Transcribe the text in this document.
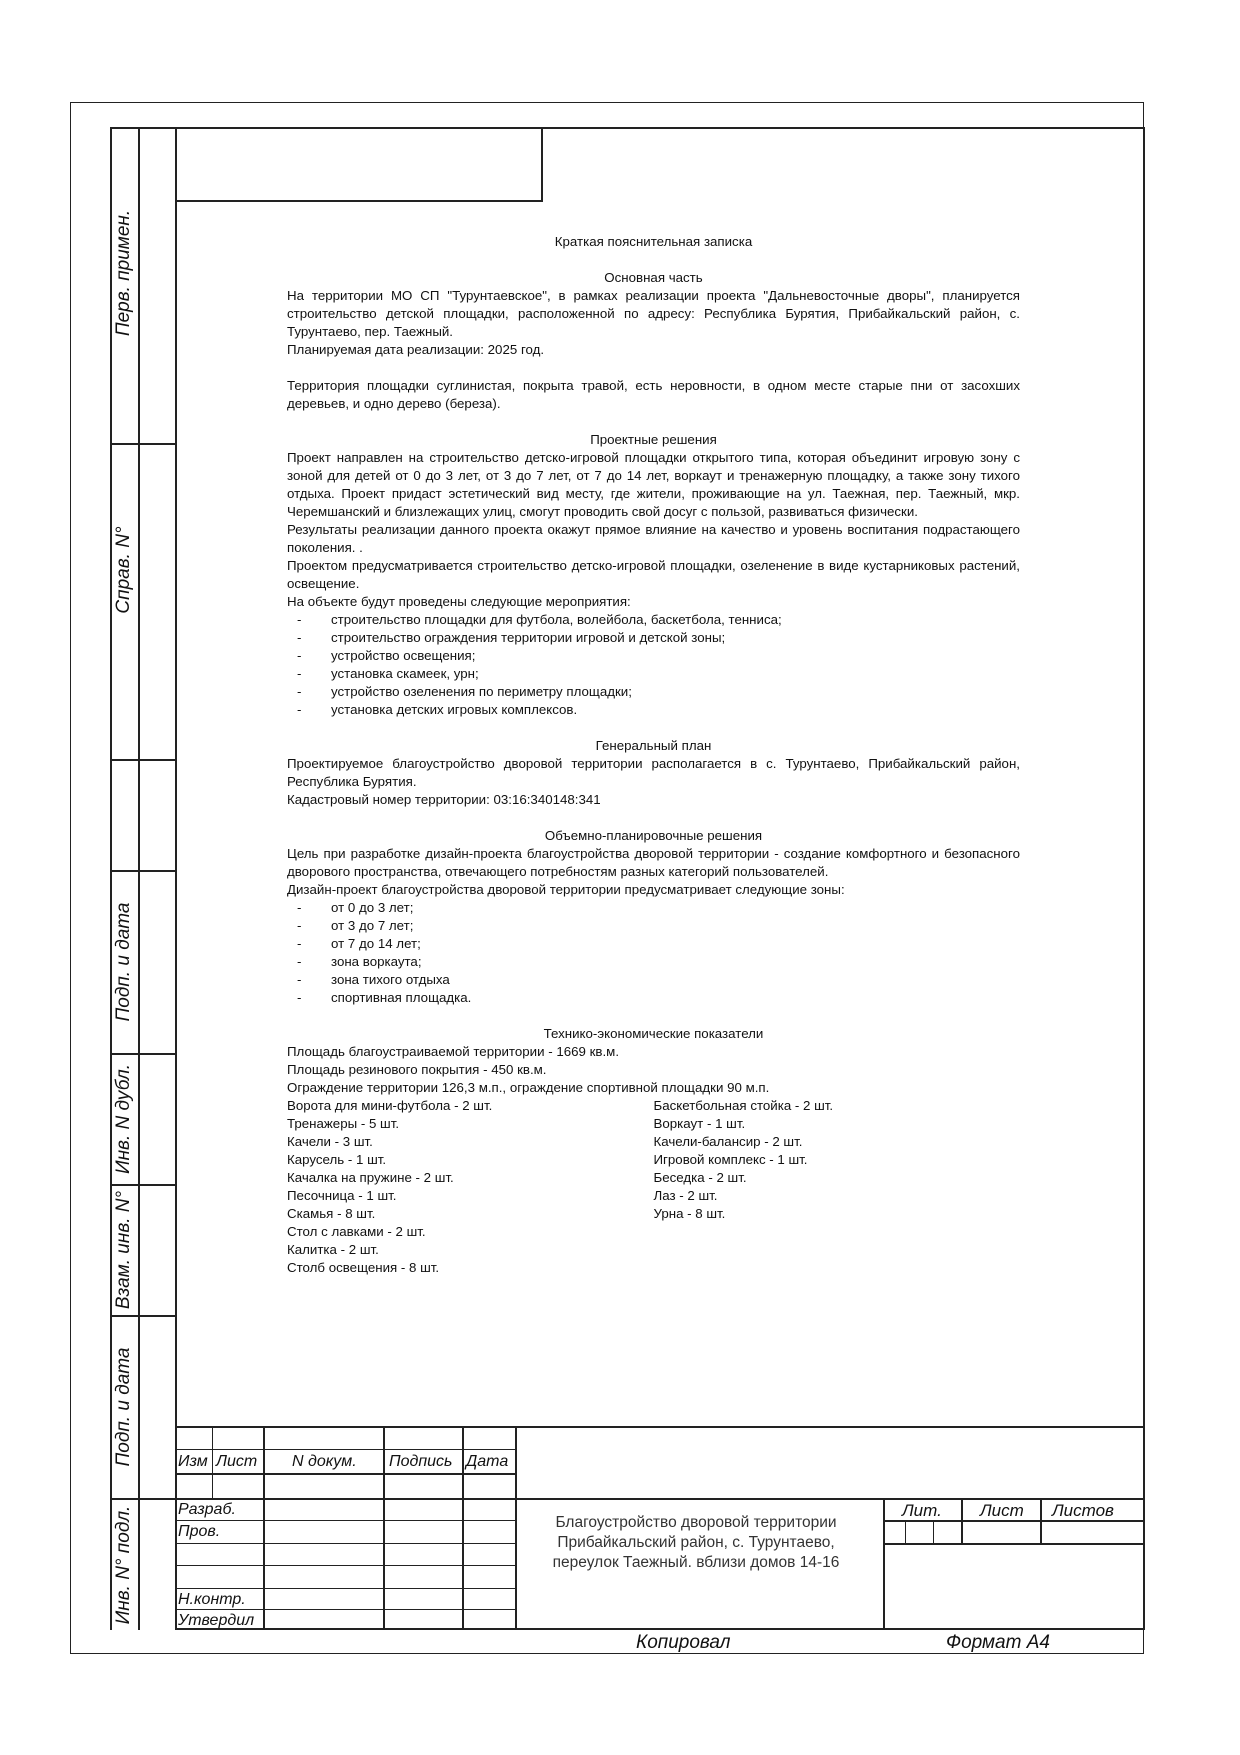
Перв. примен.
Справ. N°
Подп. и дата
Инв. N дубл.
Взам. инв. N°
Подп. и дата
Инв. N° подл.

Краткая пояснительная записка

Основная часть

На территории МО СП "Турунтаевское", в рамках реализации проекта "Дальневосточные дворы", планируется строительство детской площадки, расположенной по адресу: Республика Бурятия, Прибайкальский район, с. Турунтаево, пер. Таежный.

Планируемая дата реализации: 2025 год.

Территория площадки суглинистая, покрыта травой, есть неровности, в одном месте старые пни от засохших деревьев, и одно дерево (береза).

Проектные решения

Проект направлен на строительство детско-игровой площадки открытого типа, которая объединит игровую зону с зоной для детей от 0 до 3 лет, от 3 до 7 лет, от 7 до 14 лет, воркаут и тренажерную площадку, а также зону тихого отдыха. Проект придаст эстетический вид месту, где жители, проживающие на ул. Таежная, пер. Таежный, мкр. Черемшанский и близлежащих улиц, смогут проводить свой досуг с пользой, развиваться физически.

Результаты реализации данного проекта окажут прямое влияние на качество и уровень воспитания подрастающего поколения. .

Проектом предусматривается строительство детско-игровой площадки, озеленение в виде кустарниковых растений, освещение.

На объекте будут проведены следующие мероприятия:

- строительство площадки для футбола, волейбола, баскетбола, тенниса;
- строительство ограждения территории игровой и детской зоны;
- устройство освещения;
- установка скамеек, урн;
- устройство озеленения по периметру площадки;
- установка детских игровых комплексов.

Генеральный план

Проектируемое благоустройство дворовой территории располагается в с. Турунтаево, Прибайкальский район, Республика Бурятия.

Кадастровый номер территории: 03:16:340148:341

Объемно-планировочные решения

Цель при разработке дизайн-проекта благоустройства дворовой территории - создание комфортного и безопасного дворового пространства, отвечающего потребностям разных категорий пользователей.

Дизайн-проект благоустройства дворовой территории предусматривает следующие зоны:

- от 0 до 3 лет;
- от 3 до 7 лет;
- от 7 до 14 лет;
- зона воркаута;
- зона тихого отдыха
- спортивная площадка.

Технико-экономические показатели

Площадь благоустраиваемой территории - 1669 кв.м.

Площадь резинового покрытия - 450 кв.м.

Ограждение территории 126,3 м.п., ограждение спортивной площадки 90 м.п.

Ворота для мини-футбола - 2 шт.
Тренажеры - 5 шт.
Качели - 3 шт.
Карусель - 1 шт.
Качалка на пружине - 2 шт.
Песочница - 1 шт.
Скамья - 8 шт.
Стол с лавками - 2 шт.
Калитка - 2 шт.
Столб освещения - 8 шт.
Баскетбольная стойка - 2 шт.
Воркаут - 1 шт.
Качели-балансир - 2 шт.
Игровой комплекс - 1 шт.
Беседка - 2 шт.
Лаз - 2 шт.
Урна - 8 шт.
Изм Лист N докум. Подпись Дата
Разраб.
Пров.
Н.контр.
Утвердил
Благоустройство дворовой территории
Прибайкальский район, с. Турунтаево,
переулок Таежный. вблизи домов 14-16
Лит. Лист Листов
Копировал	Формат А4
